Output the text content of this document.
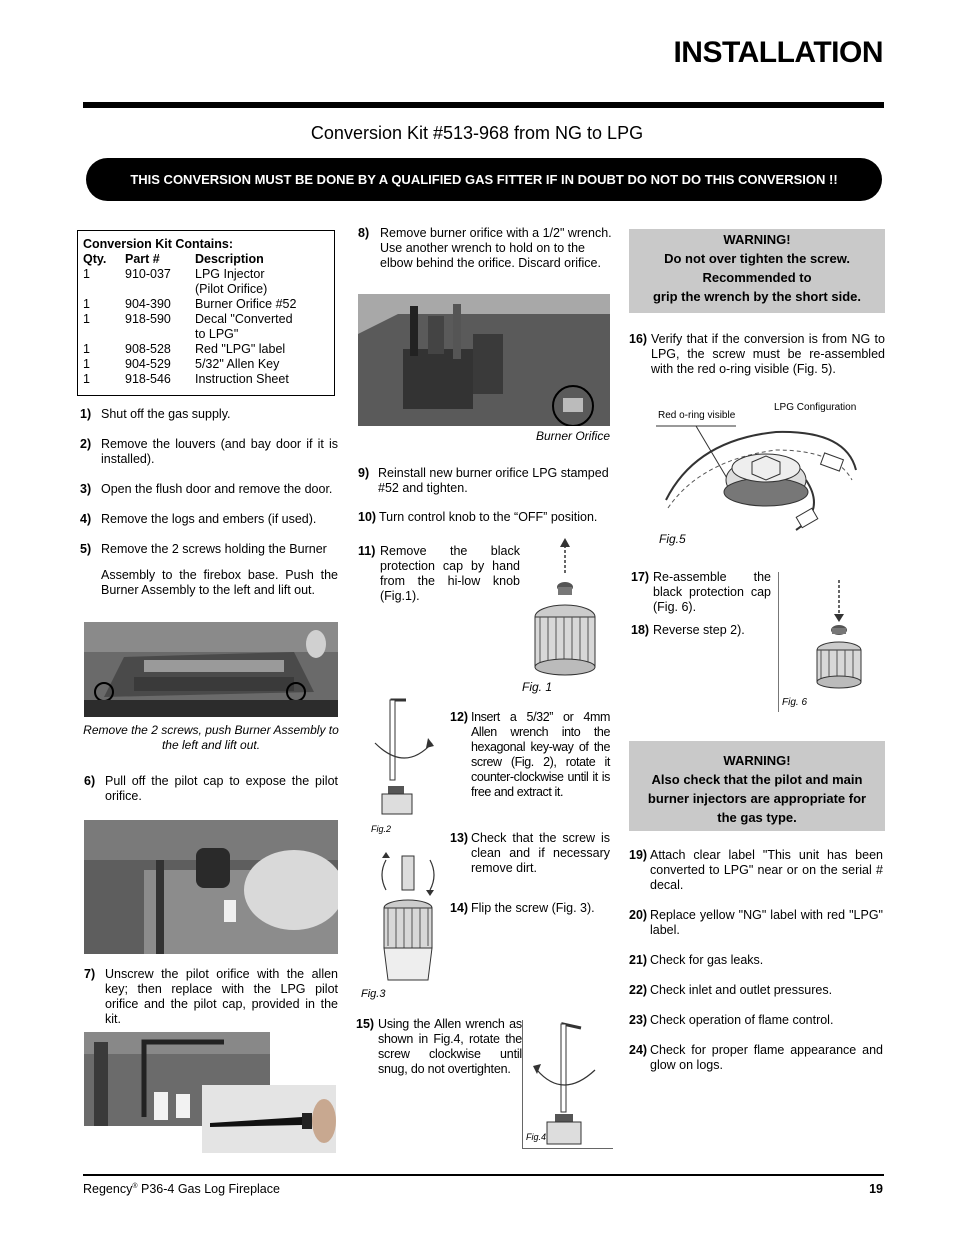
INSTALLATION
Conversion Kit #513-968 from NG to LPG
THIS CONVERSION MUST BE DONE BY A QUALIFIED GAS FITTER IF IN DOUBT DO NOT DO THIS CONVERSION !!
Conversion Kit Contains:
Qty. Part #	Description
1	910-037 LPG Injector
(Pilot Orifice)
1	904-390 Burner Orifice #52
1	918-590 Decal "Converted
to LPG"
1	908-528 Red "LPG" label
1	904-529 5/32" Allen Key
1	918-546 Instruction Sheet
1) Shut off the gas supply.
2) Remove the louvers (and bay door if it is installed).
3) Open the flush door and remove the door.
4) Remove the logs and embers (if used).
5) Remove the 2 screws holding the Burner
Assembly to the firebox base. Push the Burner Assembly to the left and lift out.
Remove the 2 screws, push Burner Assembly to the left and lift out.
6) Pull off the pilot cap to expose the pilot orifice.
7) Unscrew the pilot orifice with the allen key; then replace with the LPG pilot orifice and the pilot cap, provided in the kit.
8) Remove burner orifice with a 1/2" wrench. Use another wrench to hold on to the elbow behind the orifice. Discard orifice.
Burner Orifice
9) Reinstall new burner orifice LPG stamped #52 and tighten.
10) Turn control knob to the “OFF” position.
11) Remove the black protection cap by hand from the hi-low knob (Fig.1).
Fig. 1
Fig.2
12) Insert a 5/32” or 4mm Allen wrench into the hexagonal key-way of the screw (Fig. 2), rotate it counter-clockwise until it is free and extract it.
Fig.3
13) Check that the screw is clean and if necessary remove dirt.
14) Flip the screw (Fig. 3).
15) Using the Allen wrench as shown in Fig.4, rotate the screw clockwise until snug, do not overtighten.
Fig.4
WARNING!
Do not over tighten the screw.
Recommended to
grip the wrench by the short side.
16) Verify that if the conversion is from NG to LPG, the screw must be re-assembled with the red o-ring visible (Fig. 5).
LPG Configuration
Red o-ring visible
Fig.5
17) Re-assemble the black protection cap (Fig. 6).
18) Reverse step 2).
Fig. 6
WARNING!
Also check that the pilot and main
burner injectors are appropriate for
the gas type.
19) Attach clear label "This unit has been converted to LPG" near or on the serial # decal.
20) Replace yellow "NG" label with red "LPG" label.
21) Check for gas leaks.
22) Check inlet and outlet pressures.
23) Check operation of flame control.
24) Check for proper flame appearance and glow on logs.
Regency® P36-4 Gas Log Fireplace	19
